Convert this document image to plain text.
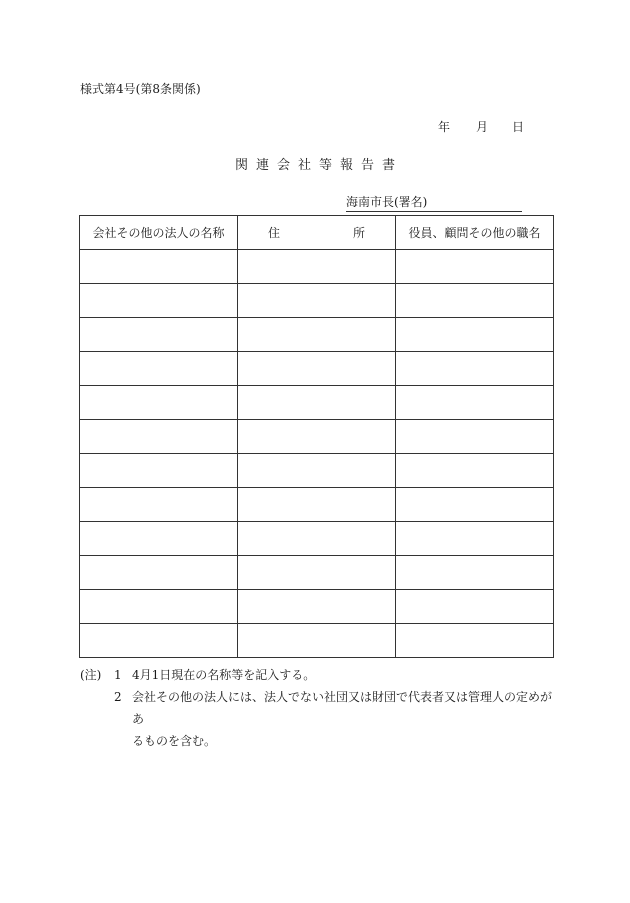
様式第4号(第8条関係)
年	月	日
関連会社等報告書
海南市長(署名)
会社その他の法人の名称	住 所	役員、顧問その他の職名

(注)	1 4月1日現在の名称等を記入する。
2 会社その他の法人には、法人でない社団又は財団で代表者又は管理人の定めがあ
るものを含む。
